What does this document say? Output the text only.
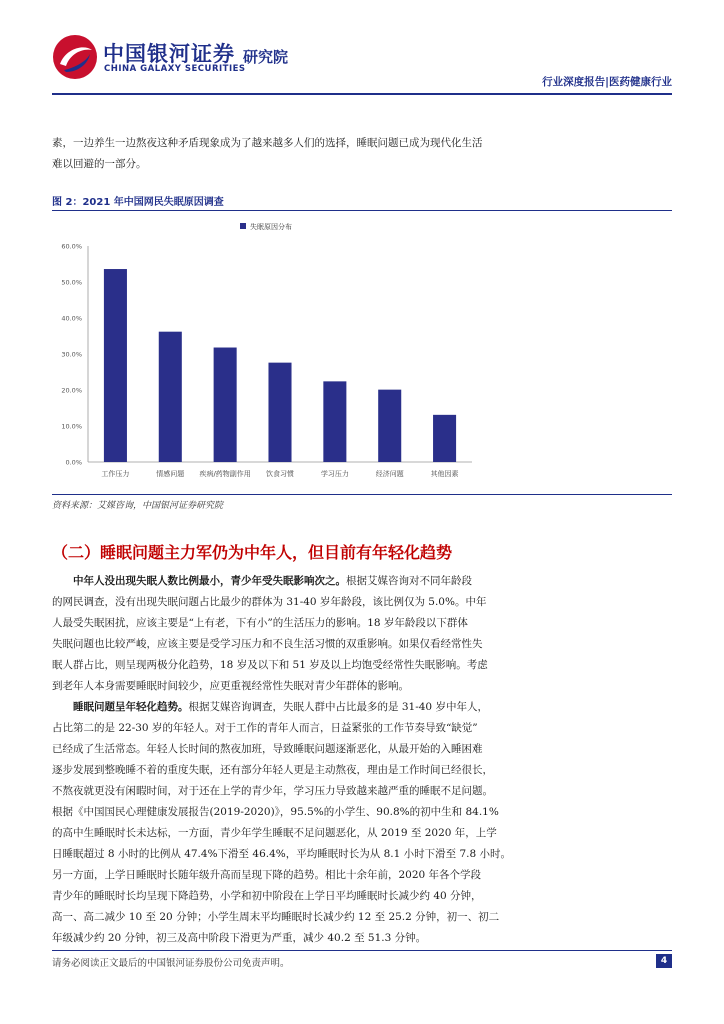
中国银河证券
CHINA GALAXY SECURITIES
研究院
行业深度报告|医药健康行业
素，一边养生一边熬夜这种矛盾现象成为了越来越多人们的选择，睡眠问题已成为现代化生活
难以回避的一部分。
图 2：2021 年中国网民失眠原因调查
失眠原因分布
0.0%
10.0%
20.0%
30.0%
40.0%
50.0%
60.0%
工作压力	情感问题 疾病/药物副作用 饮食习惯	学习压力	经济问题	其他因素
资料来源：艾媒咨询，中国银河证券研究院
（二）睡眠问题主力军仍为中年人，但目前有年轻化趋势
中年人没出现失眠人数比例最小，青少年受失眠影响次之。根据艾媒咨询对不同年龄段
的网民调查，没有出现失眠问题占比最少的群体为 31-40 岁年龄段，该比例仅为 5.0%。中年
人最受失眠困扰，应该主要是“上有老，下有小”的生活压力的影响。18 岁年龄段以下群体
失眠问题也比较严峻，应该主要是受学习压力和不良生活习惯的双重影响。如果仅看经常性失
眠人群占比，则呈现两极分化趋势，18 岁及以下和 51 岁及以上均饱受经常性失眠影响。考虑
到老年人本身需要睡眠时间较少，应更重视经常性失眠对青少年群体的影响。
睡眠问题呈年轻化趋势。根据艾媒咨询调查，失眠人群中占比最多的是 31-40 岁中年人，
占比第二的是 22-30 岁的年轻人。对于工作的青年人而言，日益紧张的工作节奏导致“缺觉”
已经成了生活常态。年轻人长时间的熬夜加班，导致睡眠问题逐渐恶化，从最开始的入睡困难
逐步发展到整晚睡不着的重度失眠，还有部分年轻人更是主动熬夜，理由是工作时间已经很长，
不熬夜就更没有闲暇时间，对于还在上学的青少年，学习压力导致越来越严重的睡眠不足问题。
根据《中国国民心理健康发展报告(2019-2020)》，95.5%的小学生、90.8%的初中生和 84.1%
的高中生睡眠时长未达标，一方面，青少年学生睡眠不足问题恶化，从 2019 至 2020 年，上学
日睡眠超过 8 小时的比例从 47.4%下滑至 46.4%，平均睡眠时长为从 8.1 小时下滑至 7.8 小时。
另一方面，上学日睡眠时长随年级升高而呈现下降的趋势。相比十余年前，2020 年各个学段
青少年的睡眠时长均呈现下降趋势，小学和初中阶段在上学日平均睡眠时长减少约 40 分钟，
高一、高二减少 10 至 20 分钟；小学生周末平均睡眠时长减少约 12 至 25.2 分钟，初一、初二
年级减少约 20 分钟，初三及高中阶段下滑更为严重，减少 40.2 至 51.3 分钟。
请务必阅读正文最后的中国银河证券股份公司免责声明。	4
